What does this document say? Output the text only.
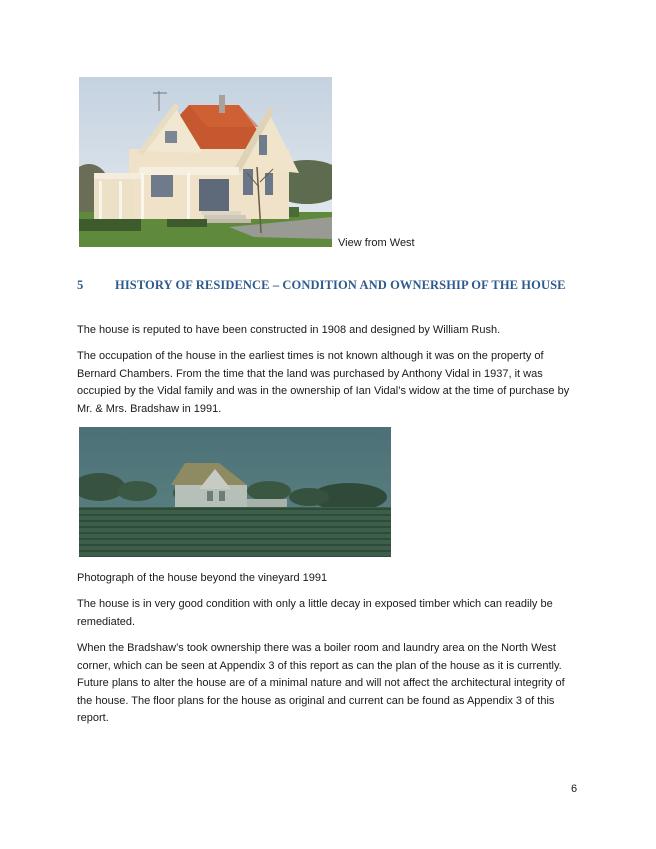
View from West
5	HISTORY OF RESIDENCE – CONDITION AND OWNERSHIP OF THE HOUSE

The house is reputed to have been constructed in 1908 and designed by William Rush.

The occupation of the house in the earliest times is not known although it was on the property of Bernard Chambers. From the time that the land was purchased by Anthony Vidal in 1937, it was occupied by the Vidal family and was in the ownership of Ian Vidal’s widow at the time of purchase by Mr. & Mrs. Bradshaw in 1991.

Photograph of the house beyond the vineyard 1991

The house is in very good condition with only a little decay in exposed timber which can readily be remediated.

When the Bradshaw’s took ownership there was a boiler room and laundry area on the North West corner, which can be seen at Appendix 3 of this report as can the plan of the house as it is currently. Future plans to alter the house are of a minimal nature and will not affect the architectural integrity of the house. The floor plans for the house as original and current can be found as Appendix 3 of this report.

6
